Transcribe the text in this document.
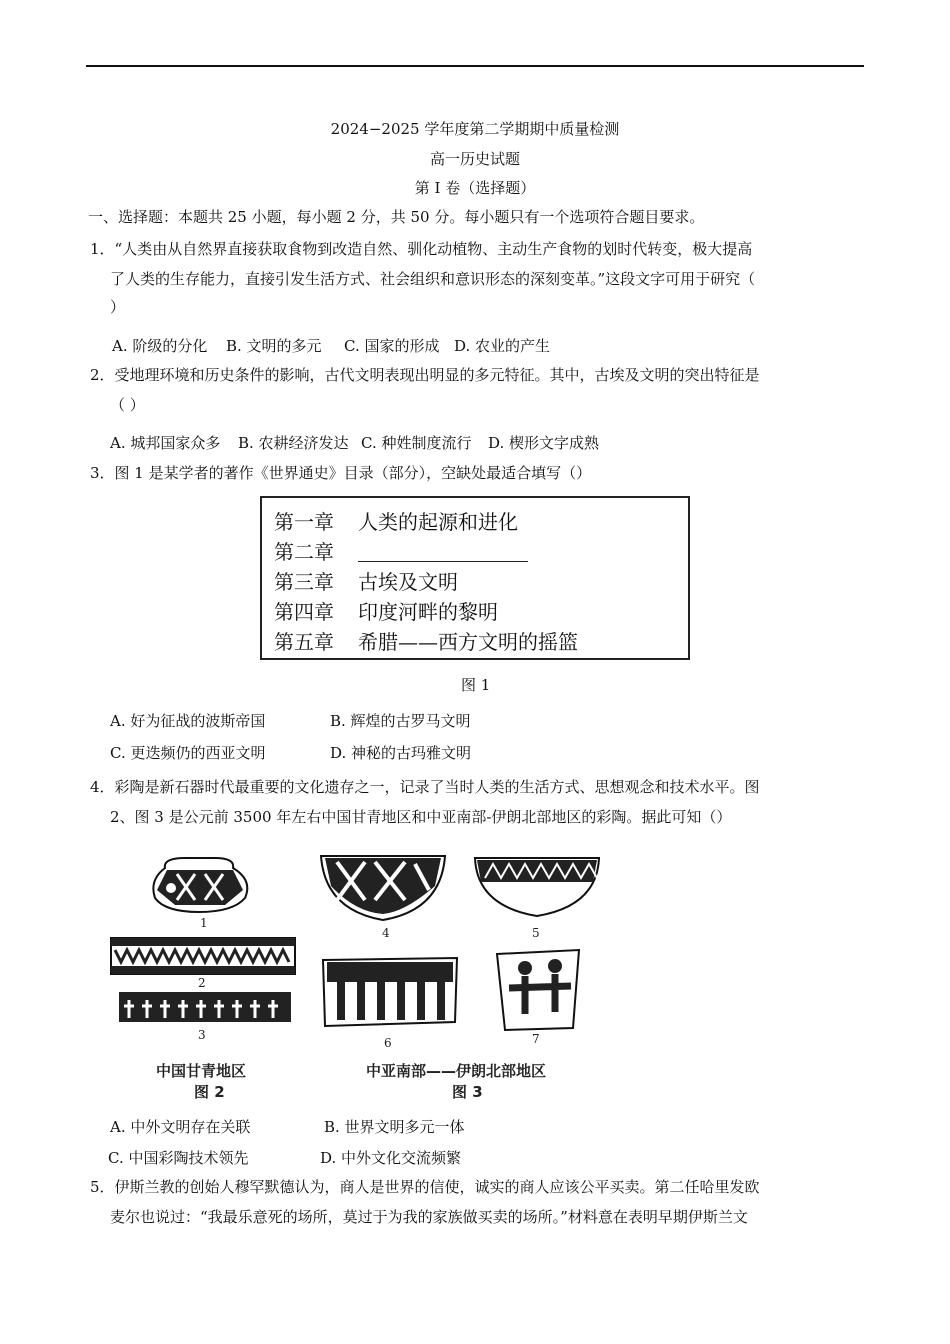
2024−2025 学年度第二学期期中质量检测
高一历史试题
第 I 卷（选择题）
一、选择题：本题共 25 小题，每小题 2 分，共 50 分。每小题只有一个选项符合题目要求。
1．“人类由从自然界直接获取食物到改造自然、驯化动植物、主动生产食物的划时代转变，极大提高
了人类的生存能力，直接引发生活方式、社会组织和意识形态的深刻变革。”这段文字可用于研究（
）
A. 阶级的分化 B. 文明的多元 C. 国家的形成 D. 农业的产生
2．受地理环境和历史条件的影响，古代文明表现出明显的多元特征。其中，古埃及文明的突出特征是
（ ）
A. 城邦国家众多 B. 农耕经济发达 C. 种姓制度流行 D. 楔形文字成熟
3．图 1 是某学者的著作《世界通史》目录（部分），空缺处最适合填写（）
第一章 人类的起源和进化
第二章
第三章 古埃及文明
第四章 印度河畔的黎明
第五章 希腊——西方文明的摇篮
图 1
A. 好为征战的波斯帝国	B. 辉煌的古罗马文明
C. 更迭频仍的西亚文明	D. 神秘的古玛雅文明
4．彩陶是新石器时代最重要的文化遗存之一，记录了当时人类的生活方式、思想观念和技术水平。图
2、图 3 是公元前 3500 年左右中国甘青地区和中亚南部-伊朗北部地区的彩陶。据此可知（）
1
2
3
4	5
6	7
中国甘青地区
图 2
中亚南部——伊朗北部地区
图 3
A. 中外文明存在关联	B. 世界文明多元一体
C. 中国彩陶技术领先	D. 中外文化交流频繁
5．伊斯兰教的创始人穆罕默德认为，商人是世界的信使，诚实的商人应该公平买卖。第二任哈里发欧
麦尔也说过：“我最乐意死的场所，莫过于为我的家族做买卖的场所。”材料意在表明早期伊斯兰文
